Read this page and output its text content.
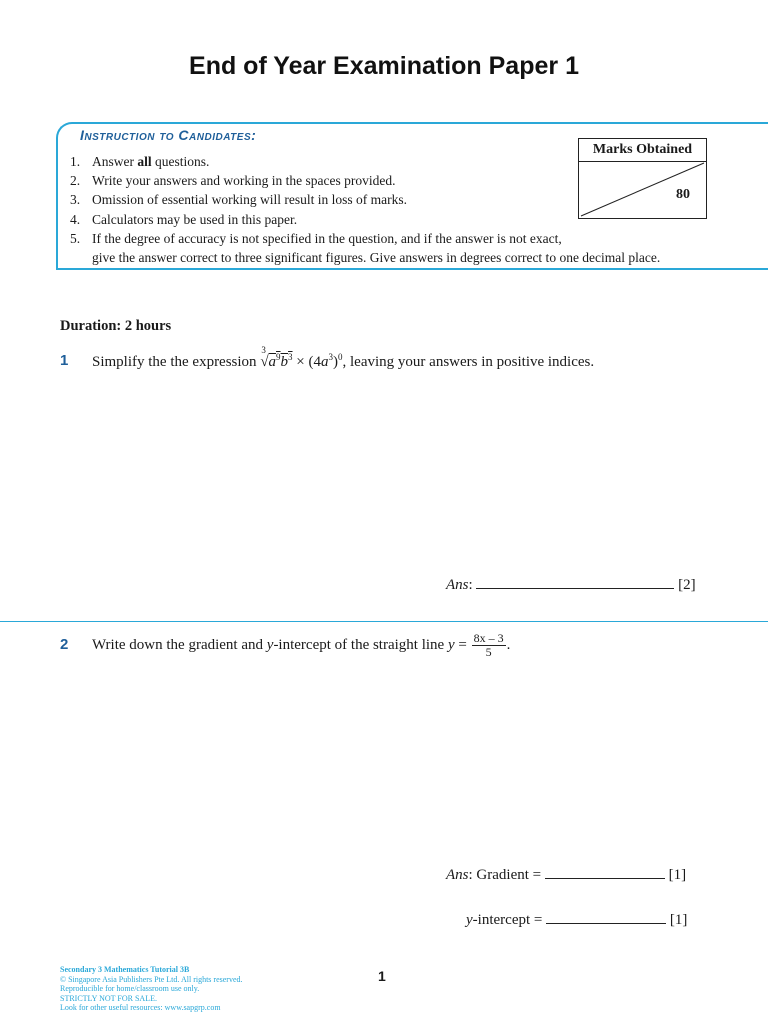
End of Year Examination Paper 1
Instruction to Candidates:
1. Answer all questions.
2. Write your answers and working in the spaces provided.
3. Omission of essential working will result in loss of marks.
4. Calculators may be used in this paper.
5. If the degree of accuracy is not specified in the question, and if the answer is not exact,
give the answer correct to three significant figures. Give answers in degrees correct to one decimal place.
Marks Obtained
80
Duration: 2 hours
1 Simplify the the expression
3
$√a^9b^3 \times (4a^3)^0$, leaving your answers in positive indices.
Ans:	[2]
2 Write down the gradient and y-intercept of the straight line $y = \frac{8x - 3}{5}$ .
Ans: Gradient =	[1]
y-intercept =	[1]
Secondary 3 Mathematics Tutorial 3B
© Singapore Asia Publishers Pte Ltd. All rights reserved.
Reproducible for home/classroom use only.
STRICTLY NOT FOR SALE.
Look for other useful resources: www.sapgrp.com
1
